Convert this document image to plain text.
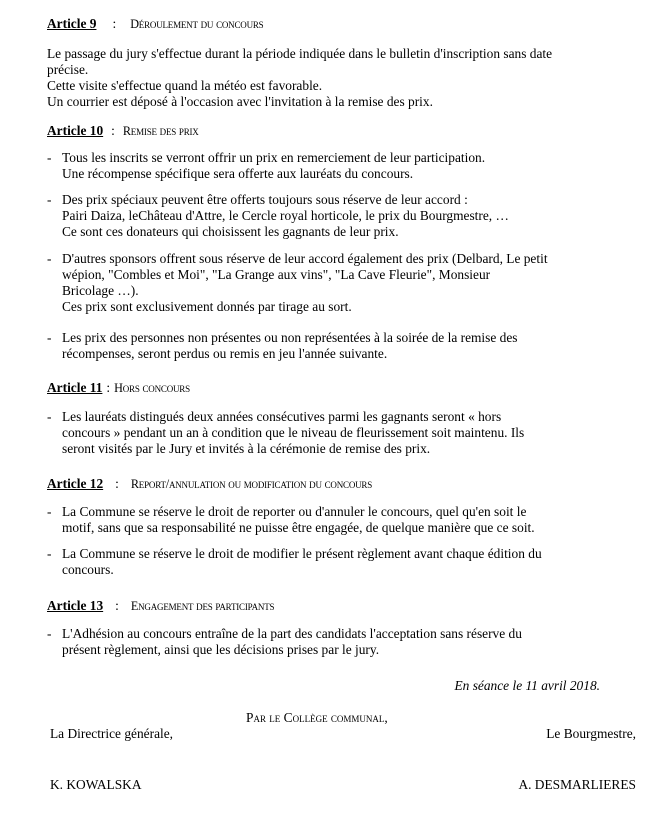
Article 9 : Déroulement du concours
Le passage du jury s'effectue durant la période indiquée dans le bulletin d'inscription sans date
précise.
Cette visite s'effectue quand la météo est favorable.
Un courrier est déposé à l'occasion avec l'invitation à la remise des prix.
Article 10 : Remise des prix
- Tous les inscrits se verront offrir un prix en remerciement de leur participation.
Une récompense spécifique sera offerte aux lauréats du concours.
- Des prix spéciaux peuvent être offerts toujours sous réserve de leur accord :
Pairi Daiza, leChâteau d'Attre, le Cercle royal horticole, le prix du Bourgmestre, …
Ce sont ces donateurs qui choisissent les gagnants de leur prix.
- D'autres sponsors offrent sous réserve de leur accord également des prix (Delbard, Le petit
wépion, "Combles et Moi", "La Grange aux vins", "La Cave Fleurie", Monsieur
Bricolage …).
Ces prix sont exclusivement donnés par tirage au sort.
- Les prix des personnes non présentes ou non représentées à la soirée de la remise des
récompenses, seront perdus ou remis en jeu l'année suivante.
Article 11 : Hors concours
- Les lauréats distingués deux années consécutives parmi les gagnants seront « hors
concours » pendant un an à condition que le niveau de fleurissement soit maintenu. Ils
seront visités par le Jury et invités à la cérémonie de remise des prix.
Article 12 : Report/annulation ou modification du concours
- La Commune se réserve le droit de reporter ou d'annuler le concours, quel qu'en soit le
motif, sans que sa responsabilité ne puisse être engagée, de quelque manière que ce soit.
- La Commune se réserve le droit de modifier le présent règlement avant chaque édition du
concours.
Article 13 : Engagement des participants
- L'Adhésion au concours entraîne de la part des candidats l'acceptation sans réserve du
présent règlement, ainsi que les décisions prises par le jury.
En séance le 11 avril 2018.
Par le Collège communal,
La Directrice générale,	Le Bourgmestre,
K. KOWALSKA	A. DESMARLIERES
